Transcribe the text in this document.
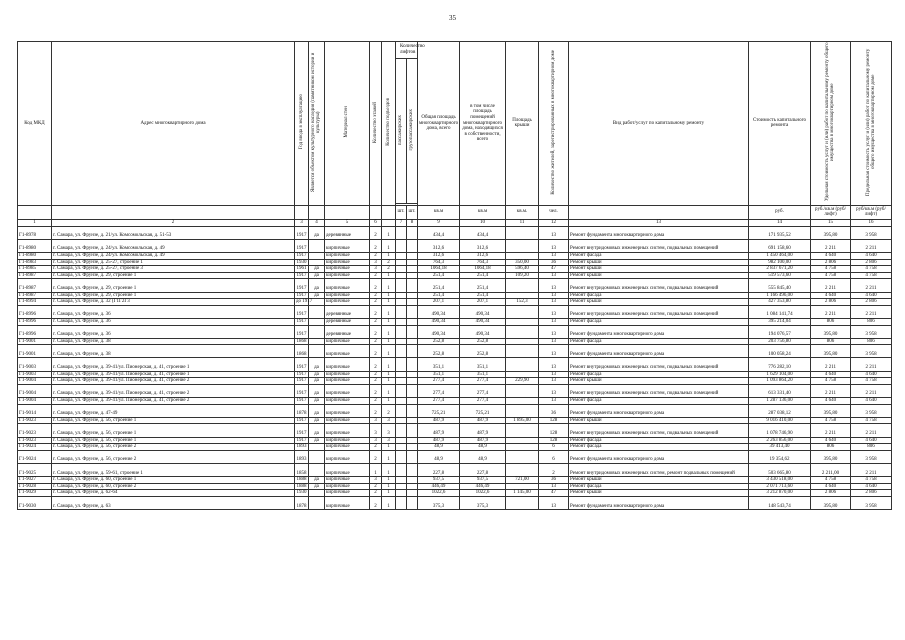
35
Код МКД	Адрес многоквартирного дома	Год ввода в эксплуатацию	Является объектом культурного наследия (памятником истории и культуры)	Материал стен	Количество этажей	Количество подъездов	Количество лифтов		Общая площадь многоквартирного дома, всего	в том числе площадь помещений многоквартирного дома, находящихся в собственности, всего	Площадь крыши	Количество жителей, зарегистрированных в многоквартирном доме	Вид работ/услуг по капитальному ремонту	Стоимость капитального ремонта	Удельная стоимость услуг и (или) работ по капитальному ремонту общего имущества в многоквартирном доме	Предельная стоимость услуг и (или) работ по капитальному ремонту общего имущества в многоквартирном доме
							пассажирских	грузопассажирских								

							шт.	шт.	кв.м	кв.м	кв.м.	чел.		руб.	руб./кв.м (руб/лифт)	руб/кв.м (руб/лифт)
1	2	3	4	5	6		7	8	9	10	11	12	13	14	15	16
Г1-8978	г. Самара, ул. Фрунзе, д. 21/ул. Комсомольская, д. 51-53	1917	да	деревянные	2	1			434,4	434,4		13	Ремонт фундамента многоквартирного дома	171 935,52	395,80	3 958
Г1-8980	г. Самара, ул. Фрунзе, д. 24/ул. Комсомольская, д. 49	1917		кирпичные	2	1			312,6	312,6		13	Ремонт внутридомовых инженерных систем, подвальных помещений	691 158,60	2 211	2 211
Г1-8980	г. Самара, ул. Фрунзе, д. 24/ул. Комсомольская, д. 49	1917		кирпичные	2	1			312,6	312,6		13	Ремонт фасада	1 450 464,00	4 640	4 640
Г1-8983	г. Самара, ул. Фрунзе, д. 25-27, строение 1	1930		кирпичные	3	2			764,3	764,3	350,00	36	Ремонт крыши	982 100,00	2 806	2 806
Г1-8985	г. Самара, ул. Фрунзе, д. 25-27, строение 3	1961	да	кирпичные	3	2			1064,18	1064,18	596,40	47	Ремонт крыши	2 837 671,20	4 758	4 758
Г1-8987	г. Самара, ул. Фрунзе, д. 29, строение 1	1917	да	кирпичные	2	1			251,4	251,4	109,20	13	Ремонт крыши	519 573,60	4 758	4 758
Г1-8987	г. Самара, ул. Фрунзе, д. 29, строение 1	1917	да	кирпичные	2	1			251,4	251,4		13	Ремонт внутридомовых инженерных систем, подвальных помещений	555 845,40	2 211	2 211
Г1-8987	г. Самара, ул. Фрунзе, д. 29, строение 1	1917	да	кирпичные	2	1			251,4	251,4		13	Ремонт фасада	1 166 496,00	4 640	4 640
Г1-8994	г. Самара, ул. Фрунзе, д. 32 (Г1Г2Г3	до 1917		кирпичные	2	1			207,1	207,1	152,3	13	Ремонт крыши	427 353,80	2 806	2 806
Г1-8996	г. Самара, ул. Фрунзе, д. 36	1917		деревянные	2	1			490,34	490,34		13	Ремонт внутридомовых инженерных систем, подвальных помещений	1 084 141,74	2 211	2 211
Г1-8996	г. Самара, ул. Фрунзе, д. 36	1917		деревянные	2	1			490,34	490,34		13	Ремонт фасада	395 214,04	806	806
Г1-8996	г. Самара, ул. Фрунзе, д. 36	1917		деревянные	2	1			490,34	490,34		13	Ремонт фундамента многоквартирного дома	194 076,57	395,80	3 958
Г1-9001	г. Самара, ул. Фрунзе, д. 38	1868		кирпичные	2	1			252,8	252,8		13	Ремонт фасада	203 756,80	806	806
Г1-9001	г. Самара, ул. Фрунзе, д. 38	1868		кирпичные	2	1			252,8	252,8		13	Ремонт фундамента многоквартирного дома	100 058,24	395,80	3 958
Г1-9003	г. Самара, ул. Фрунзе, д. 39-41/ул. Пионерская, д. 41, строение 1	1917	да	кирпичные	2	1			351,1	351,1		13	Ремонт внутридомовых инженерных систем, подвальных помещений	776 282,10	2 211	2 211
Г1-9003	г. Самара, ул. Фрунзе, д. 39-41/ул. Пионерская, д. 41, строение 1	1917	да	кирпичные	2	1			351,1	351,1		13	Ремонт фасада	1 629 104,00	4 640	4 640
Г1-9004	г. Самара, ул. Фрунзе, д. 39-41/ул. Пионерская, д. 41, строение 2	1917	да	кирпичные	2	1			277,4	277,4	229,90	13	Ремонт крыши	1 093 864,20	4 758	4 758
Г1-9004	г. Самара, ул. Фрунзе, д. 39-41/ул. Пионерская, д. 41, строение 2	1917	да	кирпичные	2	1			277,4	277,4		13	Ремонт внутридомовых инженерных систем, подвальных помещений	613 331,40	2 211	2 211
Г1-9004	г. Самара, ул. Фрунзе, д. 39-41/ул. Пионерская, д. 41, строение 2	1917	да	кирпичные	2	1			277,4	277,4		13	Ремонт фасада	1 287 136,00	4 640	4 640
Г1-9014	г. Самара, ул. Фрунзе, д. 47-49	1878	да	кирпичные	2	2			725,21	725,21		36	Ремонт фундамента многоквартирного дома	287 038,12	395,80	3 958
Г1-9023	г. Самара, ул. Фрунзе, д. 56, строение 1	1917	да	кирпичные	3	3			487,9	487,9	1 895,00	128	Ремонт крыши	9 016 410,00	4 758	4 758
Г1-9023	г. Самара, ул. Фрунзе, д. 56, строение 1	1917	да	кирпичные	3	3			487,9	487,9		128	Ремонт внутридомовых инженерных систем, подвальных помещений	1 078 746,90	2 211	2 211
Г1-9023	г. Самара, ул. Фрунзе, д. 56, строение 1	1917	да	кирпичные	3	3			487,9	487,9		128	Ремонт фасада	2 263 856,00	4 640	4 640
Г1-9024	г. Самара, ул. Фрунзе, д. 56, строение 2	1893		кирпичные	2	1			48,9	48,9		6	Ремонт фасада	39 413,40	806	806
Г1-9024	г. Самара, ул. Фрунзе, д. 56, строение 2	1893		кирпичные	2	1			48,9	48,9		6	Ремонт фундамента многоквартирного дома	19 354,62	395,80	3 958
Г1-9025	г. Самара, ул. Фрунзе, д. 59-61, строение 1	1858		кирпичные	1	1			227,8	227,8		2	Ремонт внутридомовых инженерных систем, ремонт подвальных помещений	503 665,80	2 211,00	2 211
Г1-9027	г. Самара, ул. Фрунзе, д. 60, строение 1	1888	да	кирпичные	3	1			937,5	937,5	721,00	36	Ремонт крыши	3 430 518,00	4 758	4 758
Г1-9028	г. Самара, ул. Фрунзе, д. 60, строение 2	1888	да	кирпичные	2	1			446,49	446,49		13	Ремонт фасада	2 071 713,60	4 640	4 640
Г1-9029	г. Самара, ул. Фрунзе, д. 62-64	1930		кирпичные	2	1			1022,6	1022,6	1 145,00	47	Ремонт крыши	3 212 870,00	2 806	2 806
Г1-9030	г. Самара, ул. Фрунзе, д. 63	1878		кирпичные	2	1			375,3	375,3		13	Ремонт фундамента многоквартирного дома	148 543,74	395,80	3 958
